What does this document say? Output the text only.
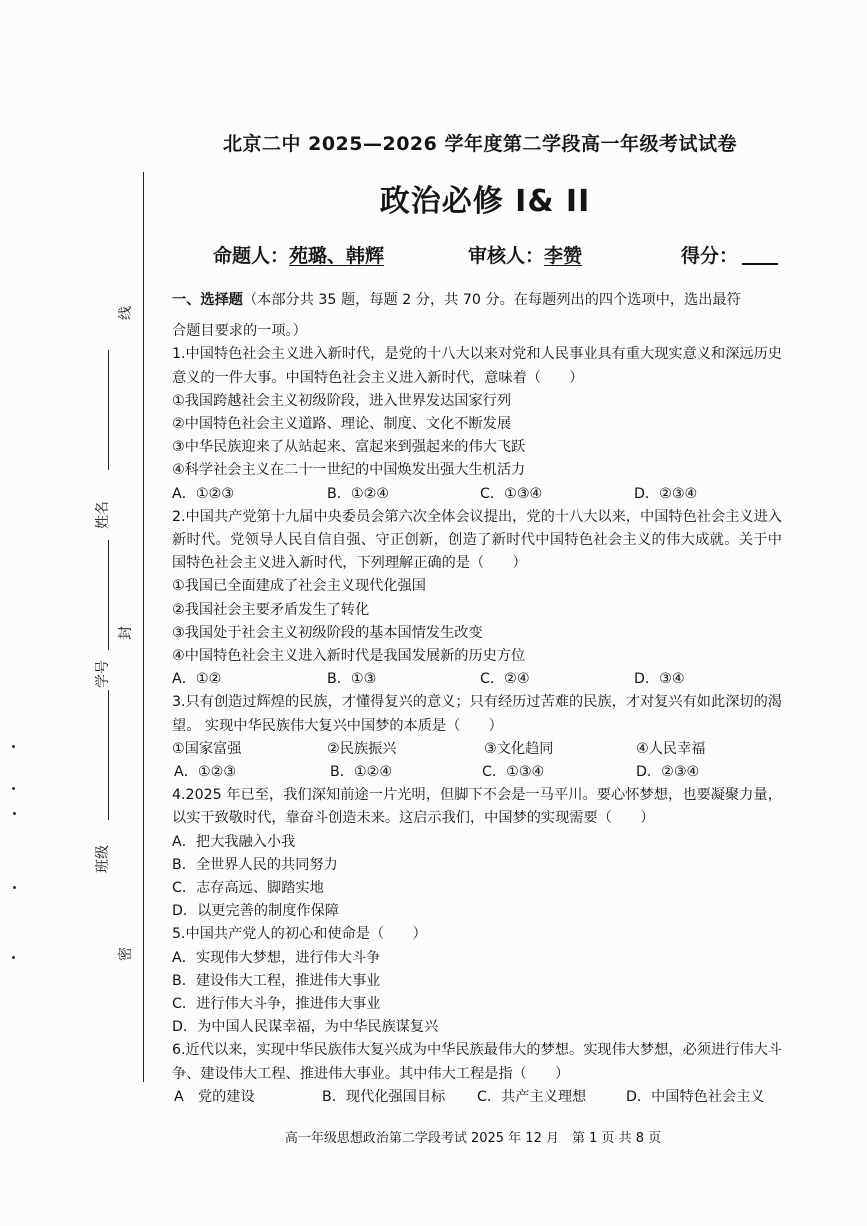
北京二中 2025—2026 学年度第二学段高一年级考试试卷
政治必修 I& II
命题人：苑璐、韩辉	审核人：李赞	得分：
线
姓名
封
学号
班级
密

一、选择题（本部分共 35 题，每题 2 分，共 70 分。在每题列出的四个选项中，选出最符

合题目要求的一项。）

1.中国特色社会主义进入新时代，是党的十八大以来对党和人民事业具有重大现实意义和深远历史意义的一件大事。中国特色社会主义进入新时代，意味着（　　）

①我国跨越社会主义初级阶段，进入世界发达国家行列

②中国特色社会主义道路、理论、制度、文化不断发展

③中华民族迎来了从站起来、富起来到强起来的伟大飞跃

④科学社会主义在二十一世纪的中国焕发出强大生机活力

A．①②③	B．①②④	C．①③④	D．②③④

2.中国共产党第十九届中央委员会第六次全体会议提出，党的十八大以来，中国特色社会主义进入新时代。党领导人民自信自强、守正创新，创造了新时代中国特色社会主义的伟大成就。关于中国特色社会主义进入新时代，下列理解正确的是（　　）

①我国已全面建成了社会主义现代化强国

②我国社会主要矛盾发生了转化

③我国处于社会主义初级阶段的基本国情发生改变

④中国特色社会主义进入新时代是我国发展新的历史方位

A．①②	B．①③	C．②④	D．③④

3.只有创造过辉煌的民族，才懂得复兴的意义；只有经历过苦难的民族，才对复兴有如此深切的渴望。 实现中华民族伟大复兴中国梦的本质是（　　）

①国家富强	②民族振兴	③文化趋同	④人民幸福
A．①②③	B．①②④	C．①③④	D．②③④

4.2025 年已至，我们深知前途一片光明，但脚下不会是一马平川。要心怀梦想，也要凝聚力量，以实干致敬时代，靠奋斗创造未来。这启示我们，中国梦的实现需要（　　）

A．把大我融入小我

B．全世界人民的共同努力

C．志存高远、脚踏实地

D．以更完善的制度作保障

5.中国共产党人的初心和使命是（　　）

A．实现伟大梦想，进行伟大斗争

B．建设伟大工程，推进伟大事业

C．进行伟大斗争，推进伟大事业

D．为中国人民谋幸福，为中华民族谋复兴

6.近代以来，实现中华民族伟大复兴成为中华民族最伟大的梦想。实现伟大梦想，必须进行伟大斗争、建设伟大工程、推进伟大事业。其中伟大工程是指（　　）

A　党的建设	B．现代化强国目标 C．共产主义理想	D．中国特色社会主义
高一年级思想政治第二学段考试 2025 年 12 月　第 1 页 共 8 页
